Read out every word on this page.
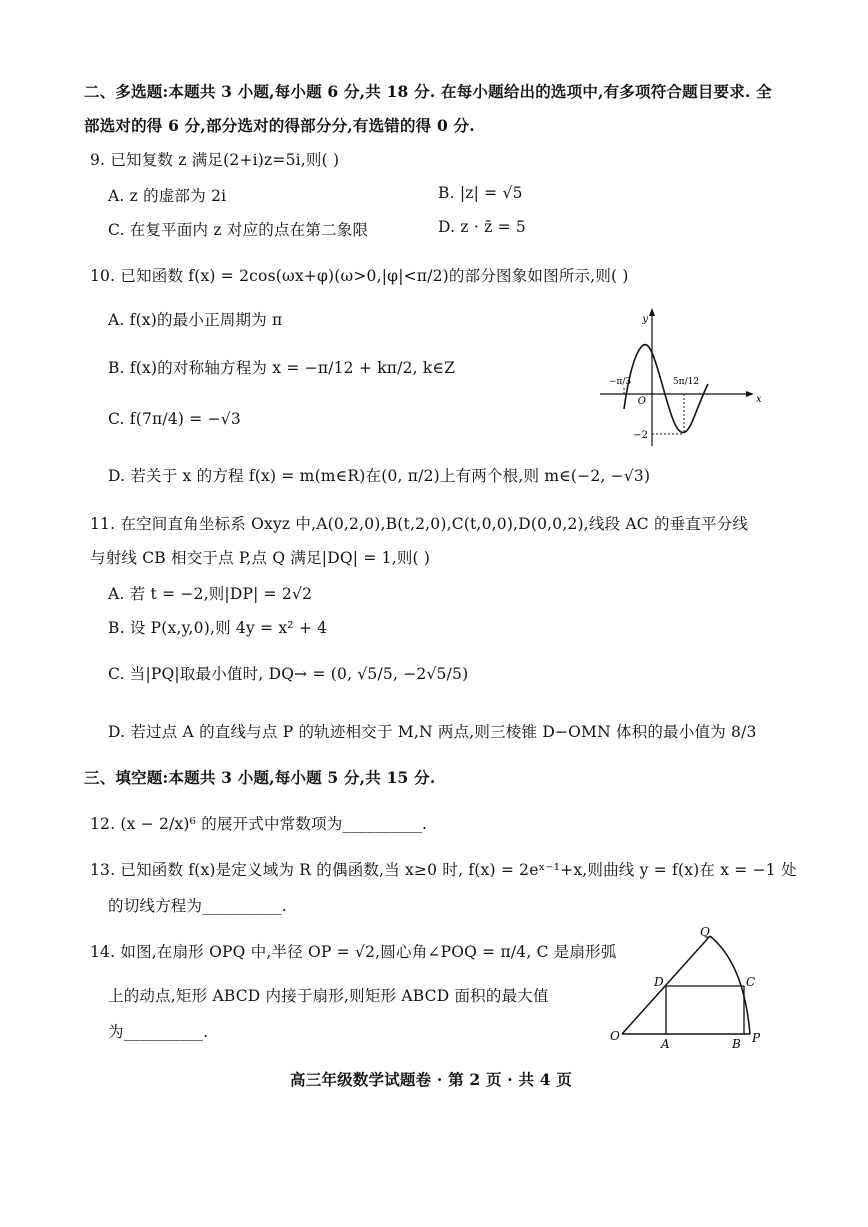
二、多选题:本题共 3 小题,每小题 6 分,共 18 分. 在每小题给出的选项中,有多项符合题目要求. 全
部选对的得 6 分,部分选对的得部分分,有选错的得 0 分.
9. 已知复数 z 满足(2+i)z=5i,则( )
A. z 的虚部为 2i	B. |z| = √5
C. 在复平面内 z 对应的点在第二象限	D. z · z̄ = 5
10. 已知函数 f(x) = 2cos(ωx+φ)(ω>0,|φ|<π/2)的部分图象如图所示,则( )
A. f(x)的最小正周期为 π
B. f(x)的对称轴方程为 x = −π/12 + kπ/2, k∈Z
C. f(7π/4) = −√3
D. 若关于 x 的方程 f(x) = m(m∈R)在(0, π/2)上有两个根,则 m∈(−2, −√3)
y
x
O
−π/3	5π/12
−2
11. 在空间直角坐标系 Oxyz 中,A(0,2,0),B(t,2,0),C(t,0,0),D(0,0,2),线段 AC 的垂直平分线
与射线 CB 相交于点 P,点 Q 满足|DQ| = 1,则( )
A. 若 t = −2,则|DP| = 2√2
B. 设 P(x,y,0),则 4y = x² + 4
C. 当|PQ|取最小值时, DQ→ = (0, √5/5, −2√5/5)
D. 若过点 A 的直线与点 P 的轨迹相交于 M,N 两点,则三棱锥 D−OMN 体积的最小值为 8/3
三、填空题:本题共 3 小题,每小题 5 分,共 15 分.
12. (x − 2/x)⁶ 的展开式中常数项为__________.
13. 已知函数 f(x)是定义域为 R 的偶函数,当 x≥0 时, f(x) = 2eˣ⁻¹+x,则曲线 y = f(x)在 x = −1 处
的切线方程为__________.
14. 如图,在扇形 OPQ 中,半径 OP = √2,圆心角∠POQ = π/4, C 是扇形弧
上的动点,矩形 ABCD 内接于扇形,则矩形 ABCD 面积的最大值
为__________.	O
A	B P
C
D
Q
高三年级数学试题卷 · 第 2 页 · 共 4 页
